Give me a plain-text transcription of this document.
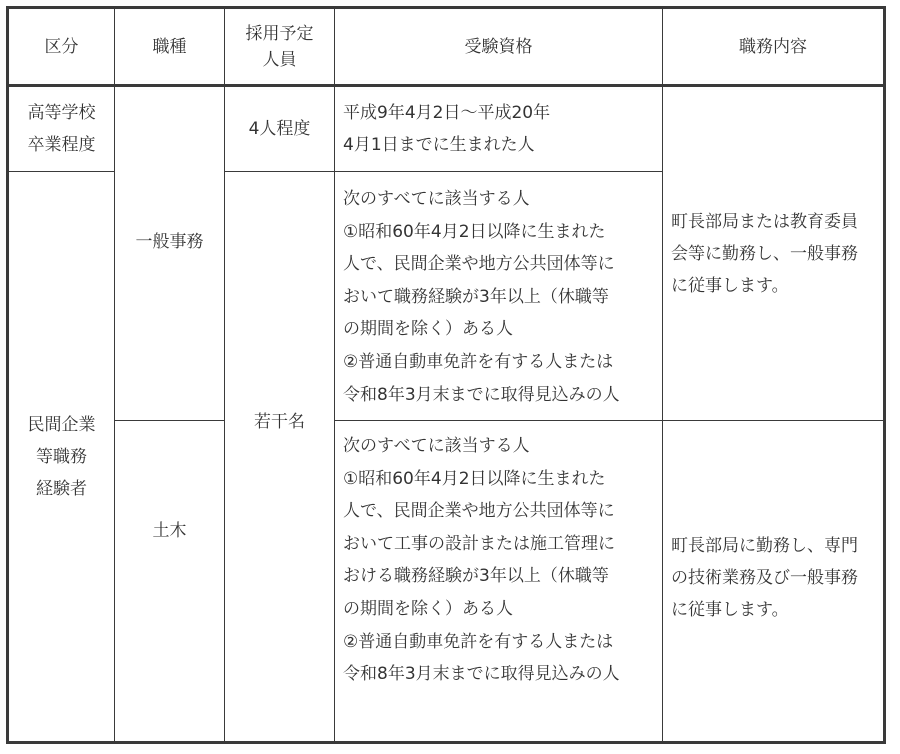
区分	職種
採用予定
人員
受験資格	職務内容
高等学校
卒業程度
民間企業
等職務
経験者
一般事務
土木
4人程度
若干名
平成9年4月2日〜平成20年
4月1日までに生まれた人
次のすべてに該当する人
①昭和60年4月2日以降に生まれた
人で、民間企業や地方公共団体等に
おいて職務経験が3年以上（休職等
の期間を除く）ある人
②普通自動車免許を有する人または
令和8年3月末までに取得見込みの人
次のすべてに該当する人
①昭和60年4月2日以降に生まれた
人で、民間企業や地方公共団体等に
おいて工事の設計または施工管理に
おける職務経験が3年以上（休職等
の期間を除く）ある人
②普通自動車免許を有する人または
令和8年3月末までに取得見込みの人
町長部局または教育委員
会等に勤務し、一般事務
に従事します。
町長部局に勤務し、専門
の技術業務及び一般事務
に従事します。
